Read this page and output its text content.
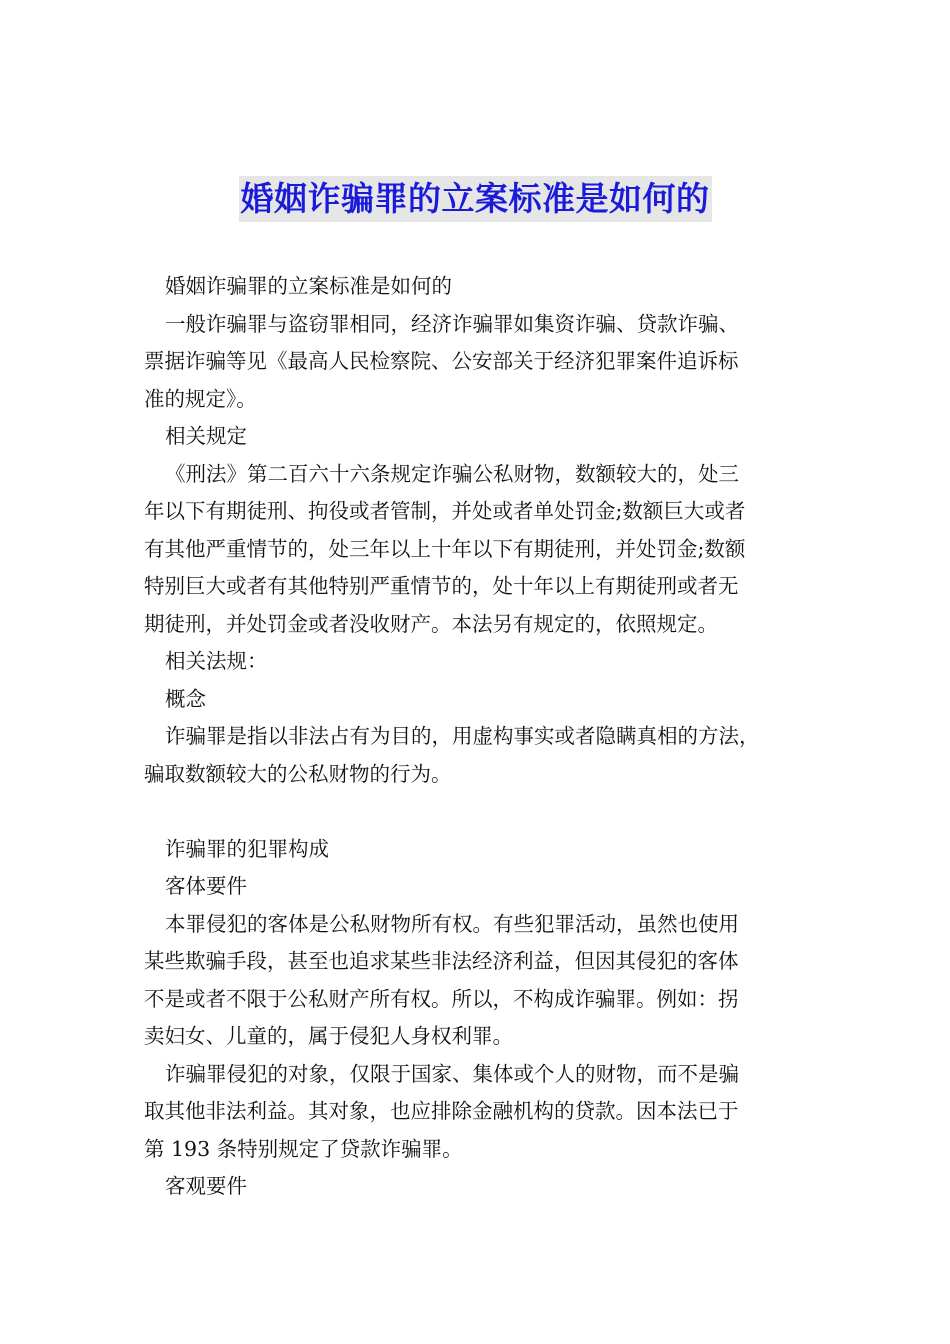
婚姻诈骗罪的立案标准是如何的

婚姻诈骗罪的立案标准是如何的

一般诈骗罪与盗窃罪相同，经济诈骗罪如集资诈骗、贷款诈骗、

票据诈骗等见《最高人民检察院、公安部关于经济犯罪案件追诉标

准的规定》。

相关规定

《刑法》第二百六十六条规定诈骗公私财物，数额较大的，处三

年以下有期徒刑、拘役或者管制，并处或者单处罚金;数额巨大或者

有其他严重情节的，处三年以上十年以下有期徒刑，并处罚金;数额

特别巨大或者有其他特别严重情节的，处十年以上有期徒刑或者无

期徒刑，并处罚金或者没收财产。本法另有规定的，依照规定。

相关法规：

概念

诈骗罪是指以非法占有为目的，用虚构事实或者隐瞒真相的方法，

骗取数额较大的公私财物的行为。

诈骗罪的犯罪构成

客体要件

本罪侵犯的客体是公私财物所有权。有些犯罪活动，虽然也使用

某些欺骗手段，甚至也追求某些非法经济利益，但因其侵犯的客体

不是或者不限于公私财产所有权。所以，不构成诈骗罪。例如：拐

卖妇女、儿童的，属于侵犯人身权利罪。

诈骗罪侵犯的对象，仅限于国家、集体或个人的财物，而不是骗

取其他非法利益。其对象，也应排除金融机构的贷款。因本法已于

第 193 条特别规定了贷款诈骗罪。

客观要件
